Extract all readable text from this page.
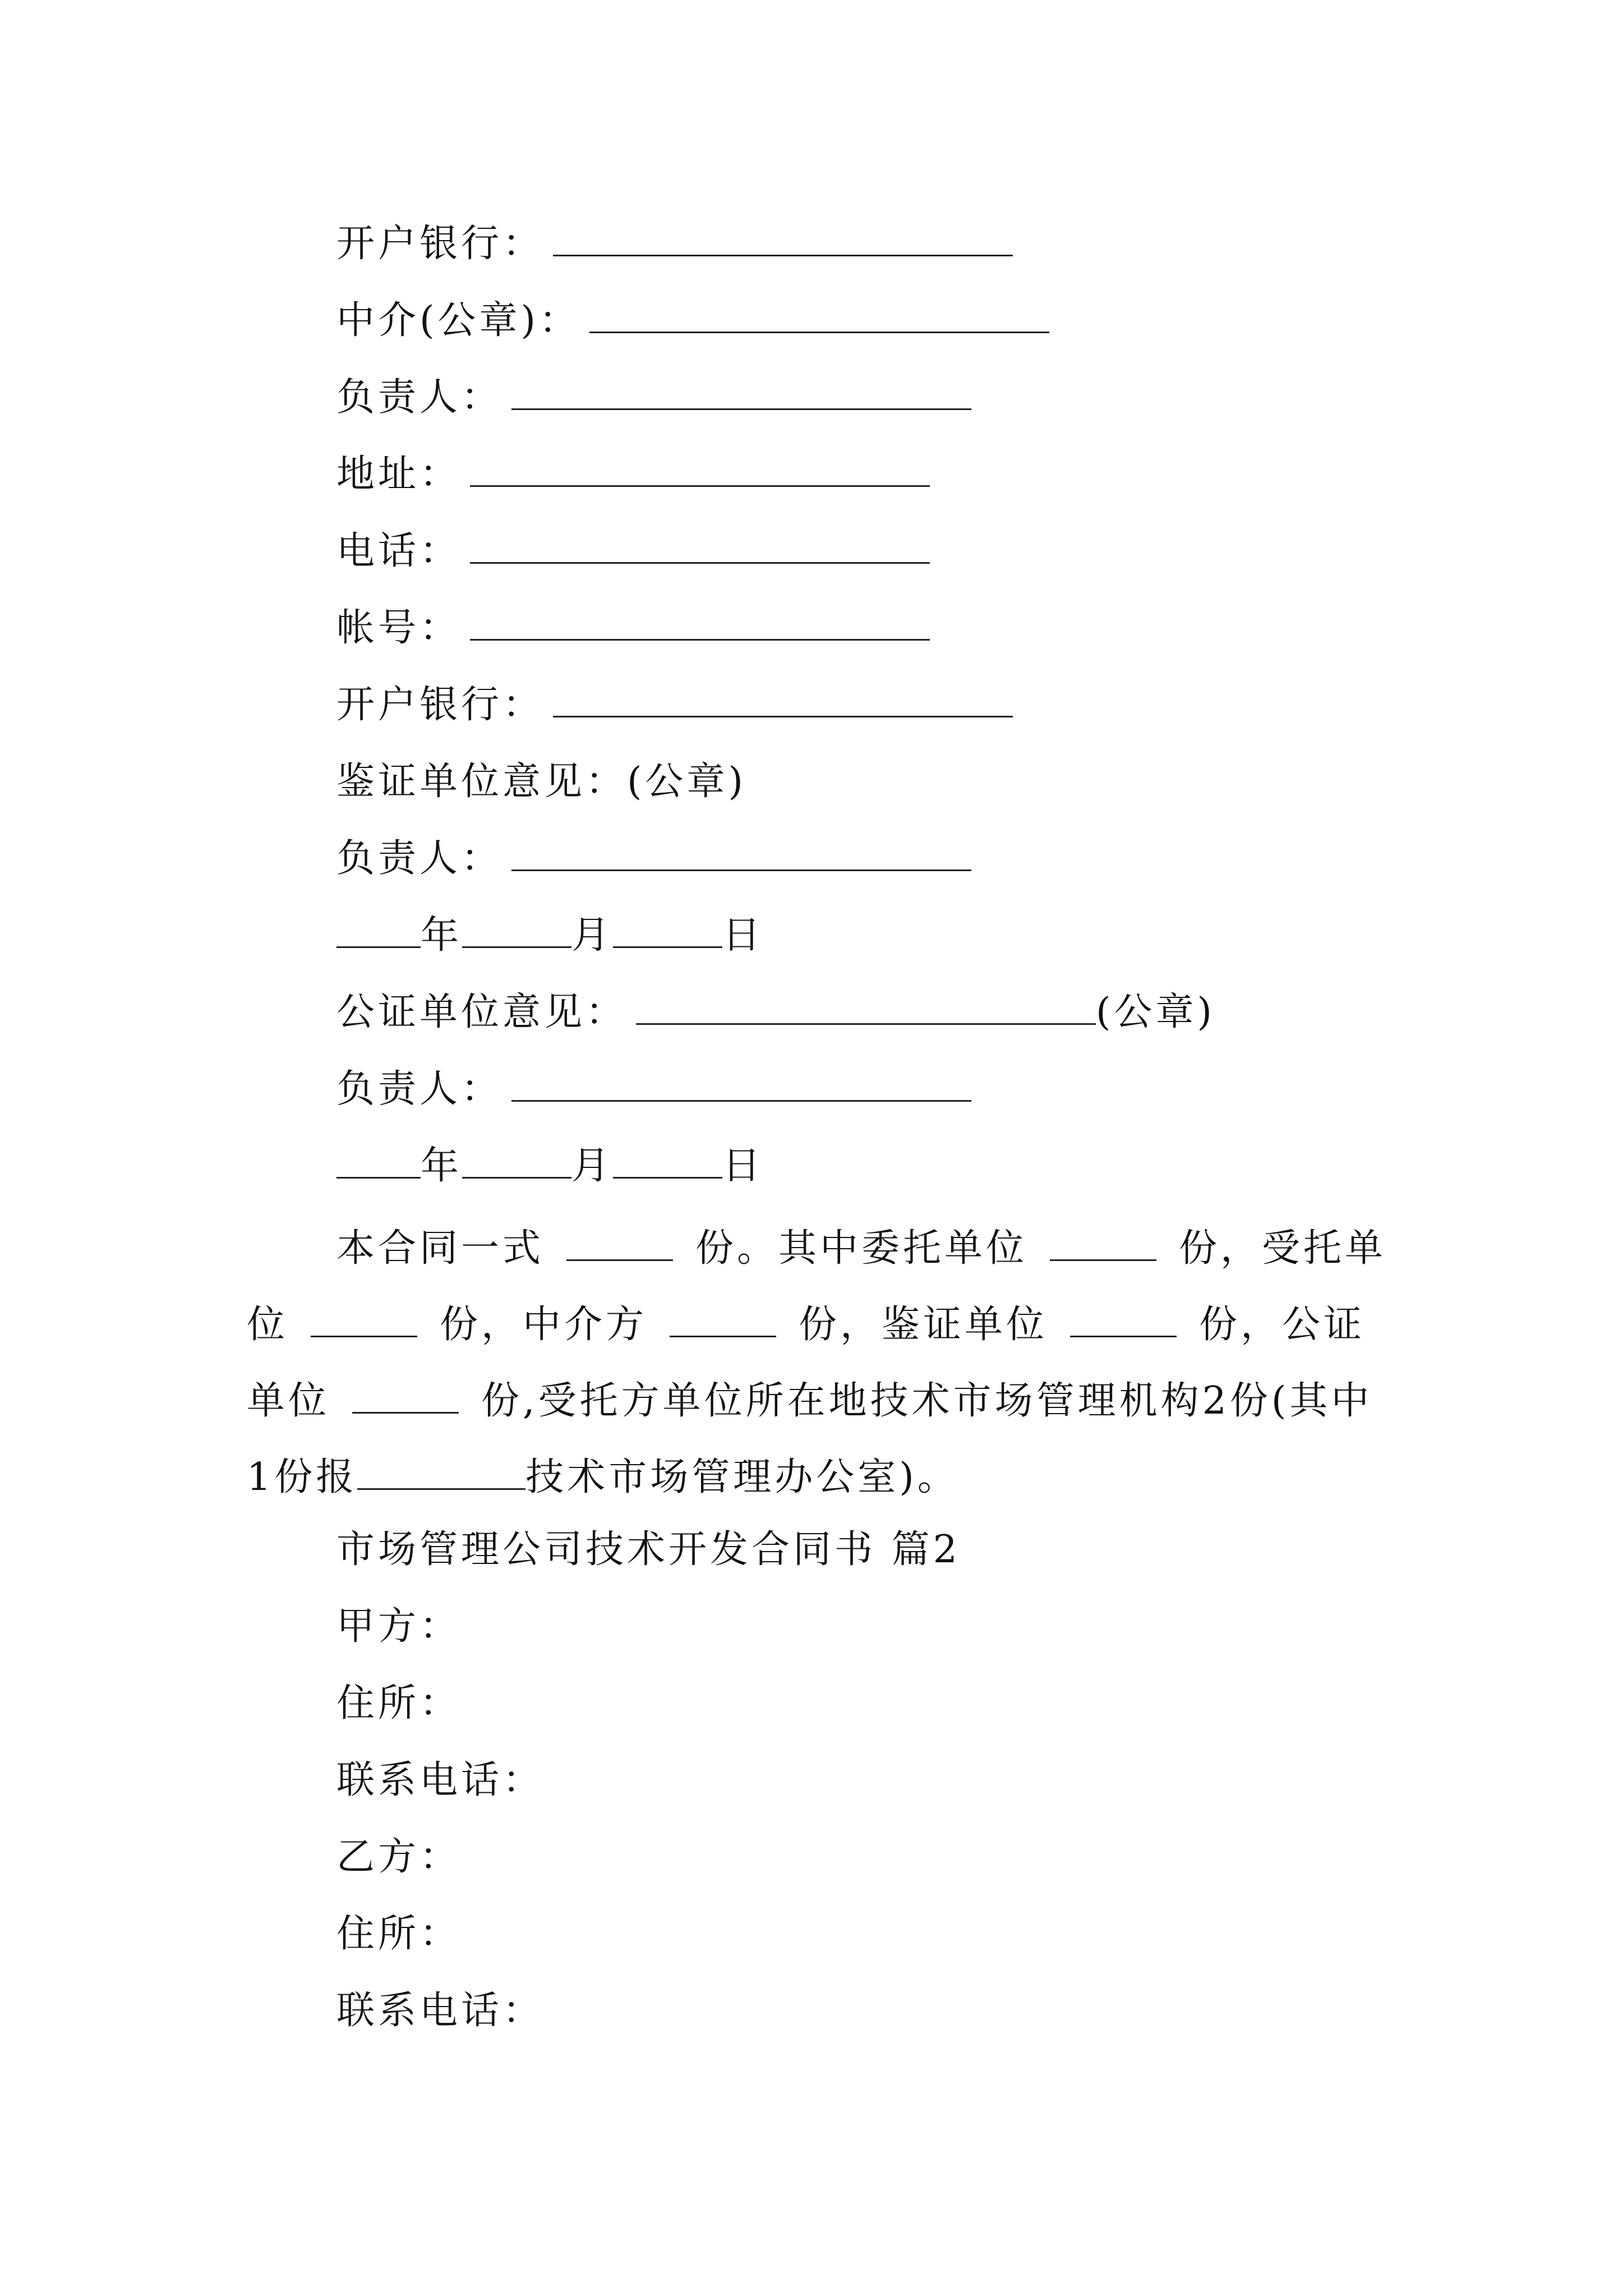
开户银行：
中介(公章)：
负责人：
地址：
电话：
帐号：
开户银行：
鉴证单位意见：(公章)
负责人：
年	月	日
公证单位意见：	(公章)
负责人：
年	月	日
本合同一式	份。其中委托单位	份，受托单位	份，中介方	份，鉴证单位	份，公证单位	份,受托方单位所在地技术市场管理机构2份(其中1份报	技术市场管理办公室)。
市场管理公司技术开发合同书 篇2
甲方：
住所：
联系电话：
乙方：
住所：
联系电话：
